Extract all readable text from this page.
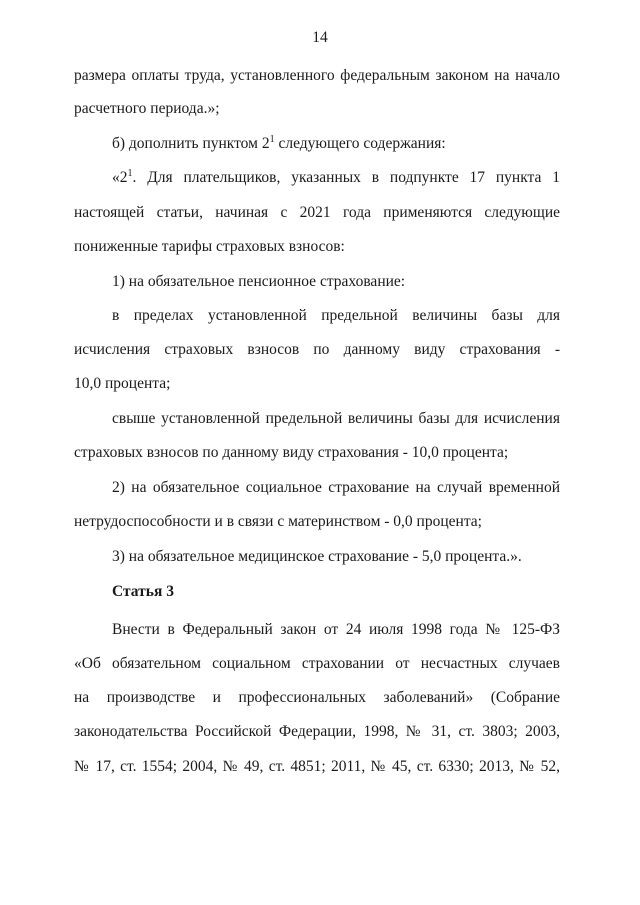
14
размера оплаты труда, установленного федеральным законом на начало
расчетного периода.»;
б) дополнить пунктом $2^1$ следующего содержания:
«$2^1$. Для плательщиков, указанных в подпункте 17 пункта 1
настоящей статьи, начиная с 2021 года применяются следующие
пониженные тарифы страховых взносов:
1) на обязательное пенсионное страхование:
в пределах установленной предельной величины базы для
исчисления страховых взносов по данному виду страхования -
10,0 процента;
свыше установленной предельной величины базы для исчисления
страховых взносов по данному виду страхования - 10,0 процента;
2) на обязательное социальное страхование на случай временной
нетрудоспособности и в связи с материнством - 0,0 процента;
3) на обязательное медицинское страхование - 5,0 процента.».
Статья 3
Внести в Федеральный закон от 24 июля 1998 года № 125-ФЗ
«Об обязательном социальном страховании от несчастных случаев
на производстве и профессиональных заболеваний» (Собрание
законодательства Российской Федерации, 1998, № 31, ст. 3803; 2003,
№ 17, ст. 1554; 2004, № 49, ст. 4851; 2011, № 45, ст. 6330; 2013, № 52,
